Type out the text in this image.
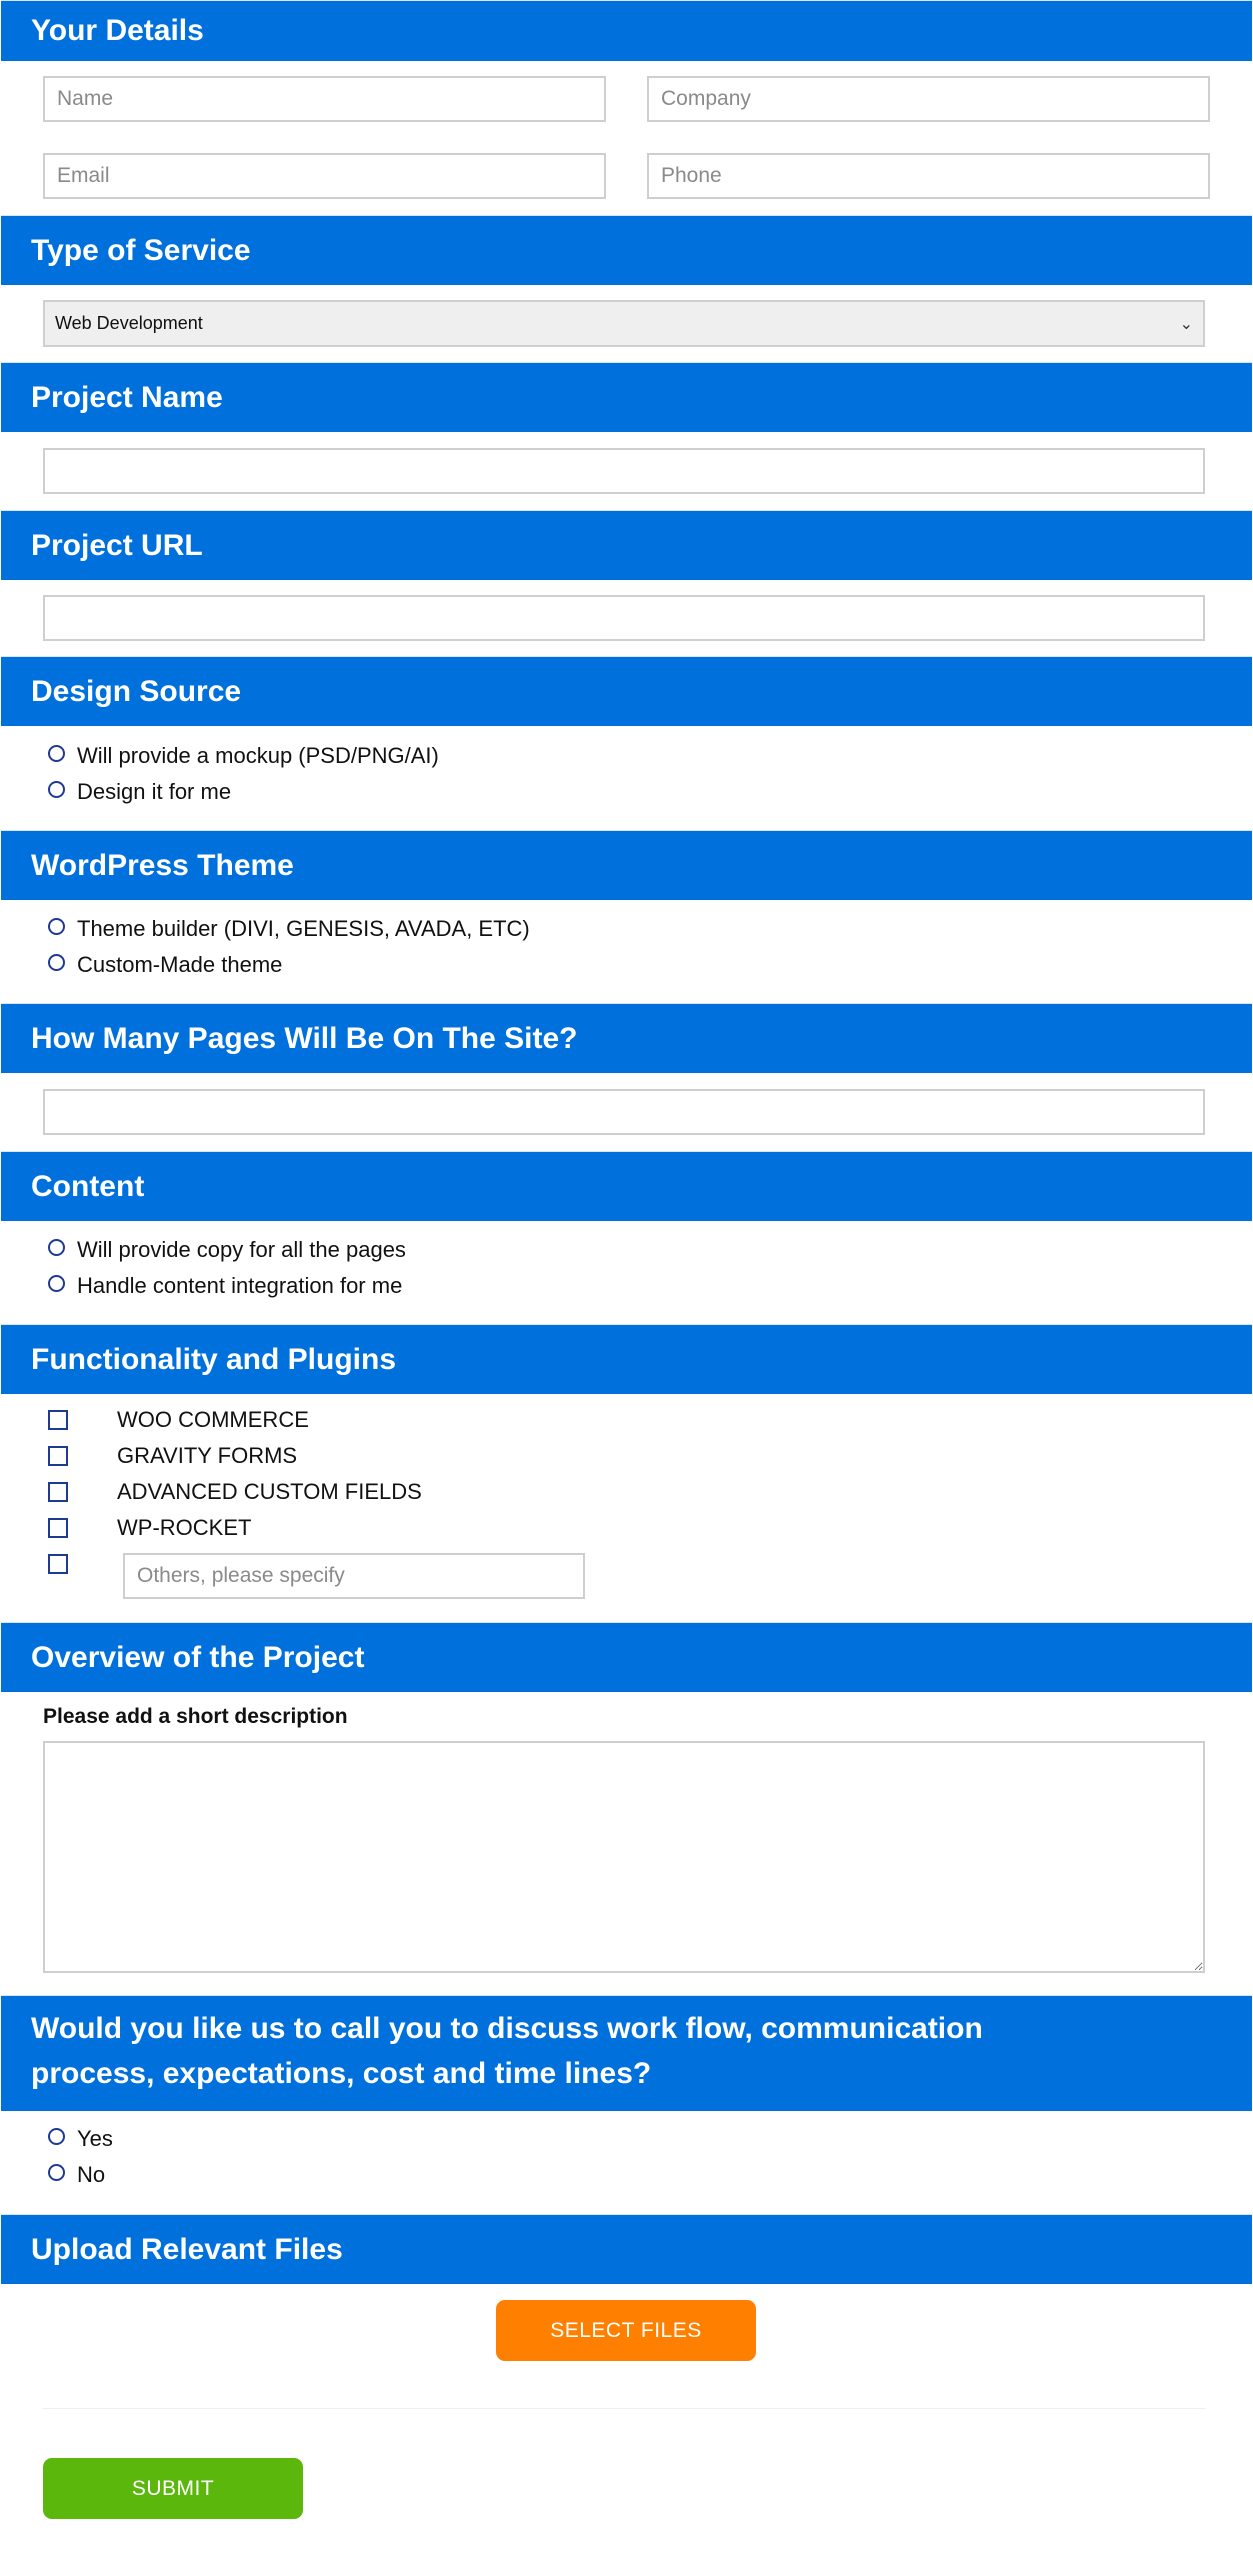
Your Details
Name
Company
Email
Phone
Type of Service
Web Development	⌄
Project Name
Project URL
Design Source
Will provide a mockup (PSD/PNG/AI)
Design it for me
WordPress Theme
Theme builder (DIVI, GENESIS, AVADA, ETC)
Custom-Made theme
How Many Pages Will Be On The Site?
Content
Will provide copy for all the pages
Handle content integration for me
Functionality and Plugins
WOO COMMERCE
GRAVITY FORMS
ADVANCED CUSTOM FIELDS
WP-ROCKET
Others, please specify
Overview of the Project
Please add a short description
Would you like us to call you to discuss work flow, communication process, expectations, cost and time lines?
Yes
No
Upload Relevant Files
SELECT FILES
SUBMIT
